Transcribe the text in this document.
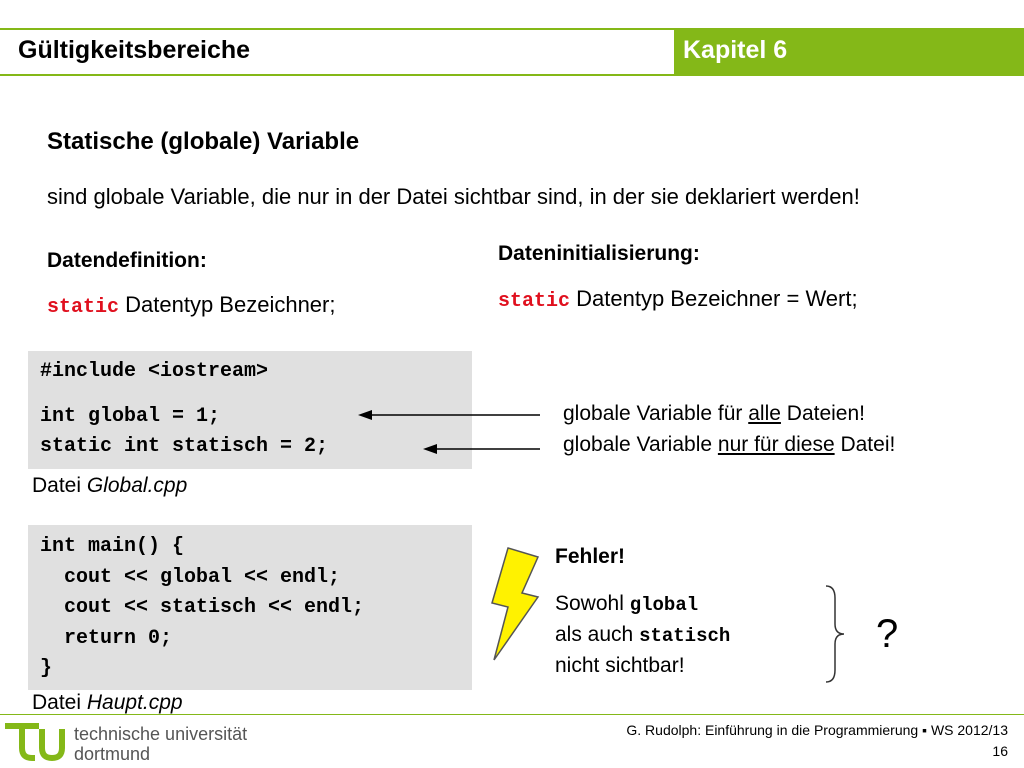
Gültigkeitsbereiche	Kapitel 6
Statische (globale) Variable
sind globale Variable, die nur in der Datei sichtbar sind, in der sie deklariert werden!
Datendefinition:
static Datentyp Bezeichner;
Dateninitialisierung:
static Datentyp Bezeichner = Wert;
#include <iostream>
int global = 1;
static int statisch = 2;
Datei Global.cpp
globale Variable für alle Dateien!
globale Variable nur für diese Datei!
int main() {
cout << global << endl;
cout << statisch << endl;
return 0;
}
Datei Haupt.cpp
Fehler!
Sowohl global
als auch statisch
nicht sichtbar!
?
technische universität
dortmund
G. Rudolph: Einführung in die Programmierung ▪ WS 2012/13
16
